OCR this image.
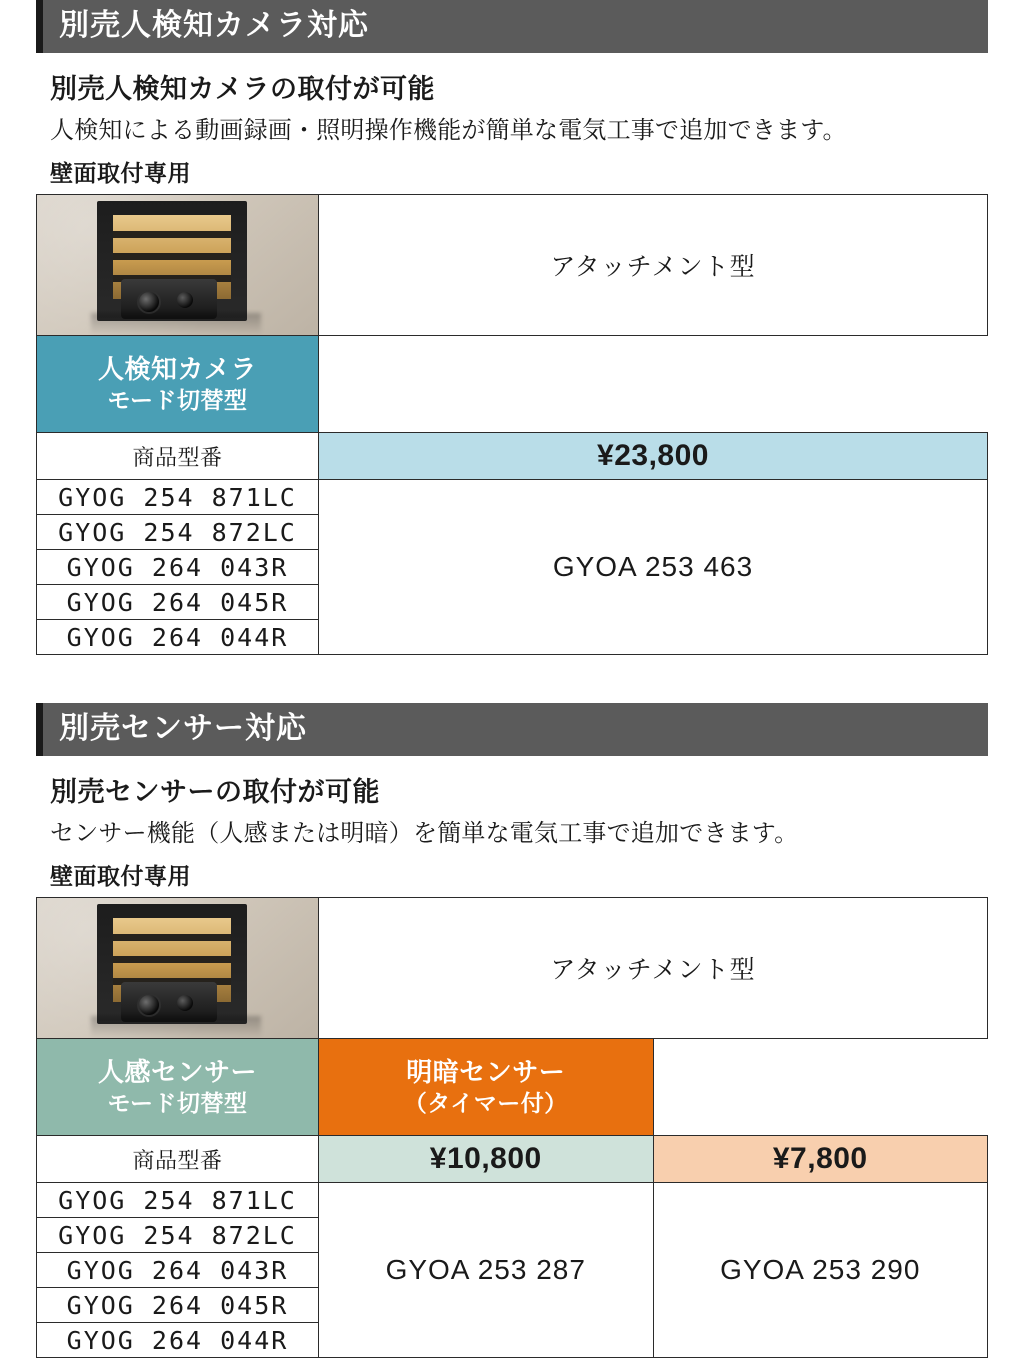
別売人検知カメラ対応
別売人検知カメラの取付が可能
人検知による動画録画・照明操作機能が簡単な電気工事で追加できます。
壁面取付専用
	アタッチメント型

人検知カメラ
モード切替型	

商品型番	¥23,800
GYOG 254 871LC	GYOA 253 463
GYOG 254 872LC	
GYOG 264 043R	
GYOG 264 045R	
GYOG 264 044R	
別売センサー対応
別売センサーの取付が可能
センサー機能（人感または明暗）を簡単な電気工事で追加できます。
壁面取付専用
	アタッチメント型	

人感センサー
モード切替型

明暗センサー
（タイマー付）

商品型番	¥10,800	¥7,800
GYOG 254 871LC	GYOA 253 287	GYOA 253 290
GYOG 254 872LC		
GYOG 264 043R		
GYOG 264 045R		
GYOG 264 044R		
